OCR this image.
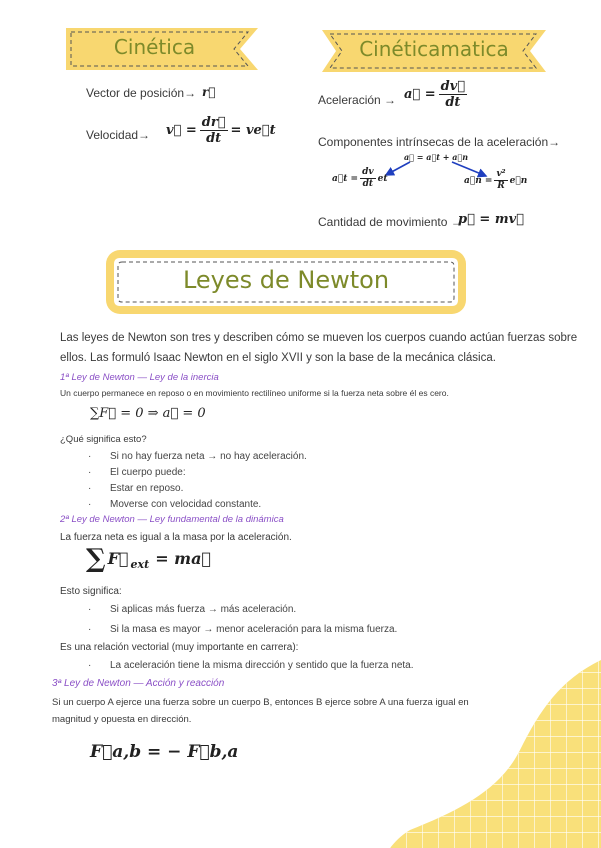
Cinética	Cinéticamatica
Vector de posición→ r⃗
Velocidad→ v⃗ = $\frac{dr⃗}{dt}$ = ve⃗t
Aceleración → a⃗ = $\frac{dv⃗}{dt}$
Componentes intrínsecas de la aceleración→
a⃗ = a⃗t + a⃗n
a⃗t = $\frac{dv}{dt}$ et	a⃗n = $\frac{\text{v²}}{R}$ e⃗n
Cantidad de movimiento →
p⃗ = mv⃗
Leyes de Newton
Las leyes de Newton son tres y describen cómo se mueven los cuerpos cuando actúan fuerzas sobre
ellos. Las formuló Isaac Newton en el siglo XVII y son la base de la mecánica clásica.
1ª Ley de Newton — Ley de la inercia
Un cuerpo permanece en reposo o en movimiento rectilíneo uniforme si la fuerza neta sobre él es cero.
∑F⃗ = 0 ⇒ a⃗ = 0
¿Qué significa esto?
· Si no hay fuerza neta → no hay aceleración.
· El cuerpo puede:
· Estar en reposo.
· Moverse con velocidad constante.
2ª Ley de Newton — Ley fundamental de la dinámica
La fuerza neta es igual a la masa por la aceleración.
∑ F⃗ ext = ma⃗
Esto significa:
· Si aplicas más fuerza → más aceleración.
· Si la masa es mayor → menor aceleración para la misma fuerza.
Es una relación vectorial (muy importante en carrera):
· La aceleración tiene la misma dirección y sentido que la fuerza neta.
3ª Ley de Newton — Acción y reacción
Si un cuerpo A ejerce una fuerza sobre un cuerpo B, entonces B ejerce sobre A una fuerza igual en
magnitud y opuesta en dirección.
F⃗a,b = − F⃗b,a
